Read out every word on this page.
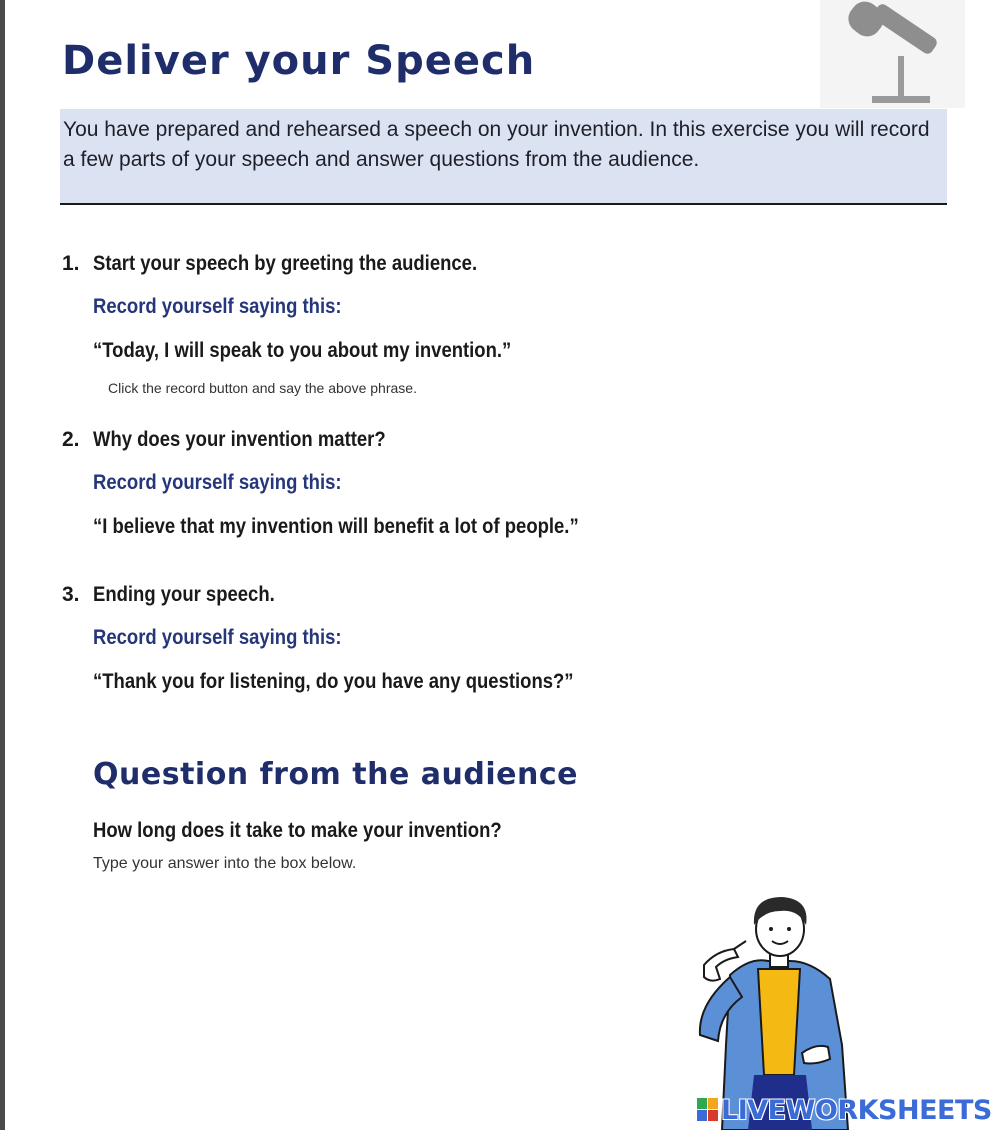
Deliver your Speech

You have prepared and rehearsed a speech on your invention. In this exercise you will record a few parts of your speech and answer questions from the audience.

1. Start your speech by greeting the audience.
Record yourself saying this:
“Today, I will speak to you about my invention.”
Click the record button and say the above phrase.
2. Why does your invention matter?
Record yourself saying this:
“I believe that my invention will benefit a lot of people.”
3. Ending your speech.
Record yourself saying this:
“Thank you for listening, do you have any questions?”
Question from the audience
How long does it take to make your invention?
Type your answer into the box below.
LIVEWORKSHEETS
